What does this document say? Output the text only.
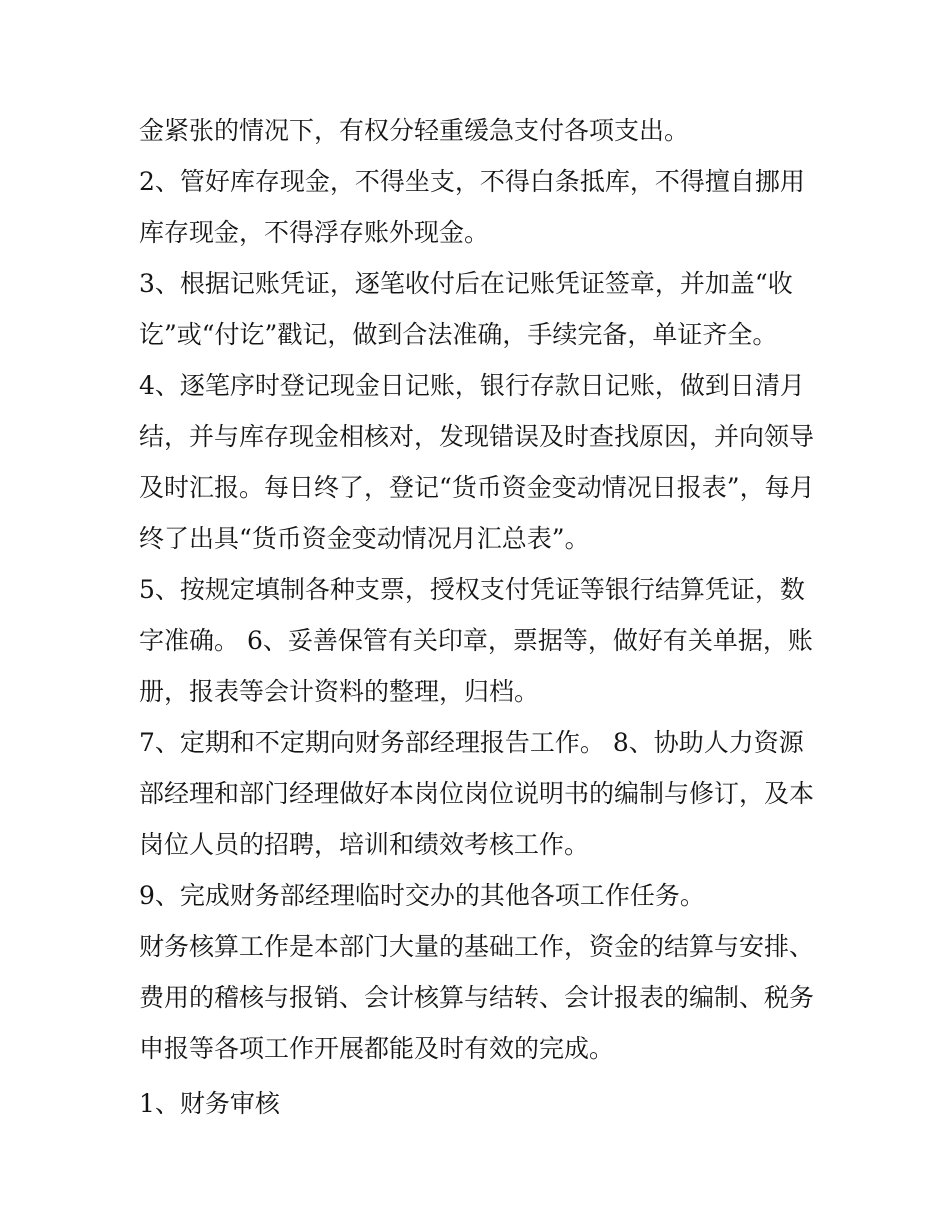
金紧张的情况下，有权分轻重缓急支付各项支出。
2、管好库存现金，不得坐支，不得白条抵库，不得擅自挪用
库存现金，不得浮存账外现金。
3、根据记账凭证，逐笔收付后在记账凭证签章，并加盖“收
讫”或“付讫”戳记，做到合法准确，手续完备，单证齐全。
4、逐笔序时登记现金日记账，银行存款日记账，做到日清月
结，并与库存现金相核对，发现错误及时查找原因，并向领导
及时汇报。每日终了，登记“货币资金变动情况日报表”，每月
终了出具“货币资金变动情况月汇总表”。
5、按规定填制各种支票，授权支付凭证等银行结算凭证，数
字准确。 6、妥善保管有关印章，票据等，做好有关单据，账
册，报表等会计资料的整理，归档。
7、定期和不定期向财务部经理报告工作。 8、协助人力资源
部经理和部门经理做好本岗位岗位说明书的编制与修订，及本
岗位人员的招聘，培训和绩效考核工作。
9、完成财务部经理临时交办的其他各项工作任务。
财务核算工作是本部门大量的基础工作，资金的结算与安排、
费用的稽核与报销、会计核算与结转、会计报表的编制、税务
申报等各项工作开展都能及时有效的完成。
1、财务审核
